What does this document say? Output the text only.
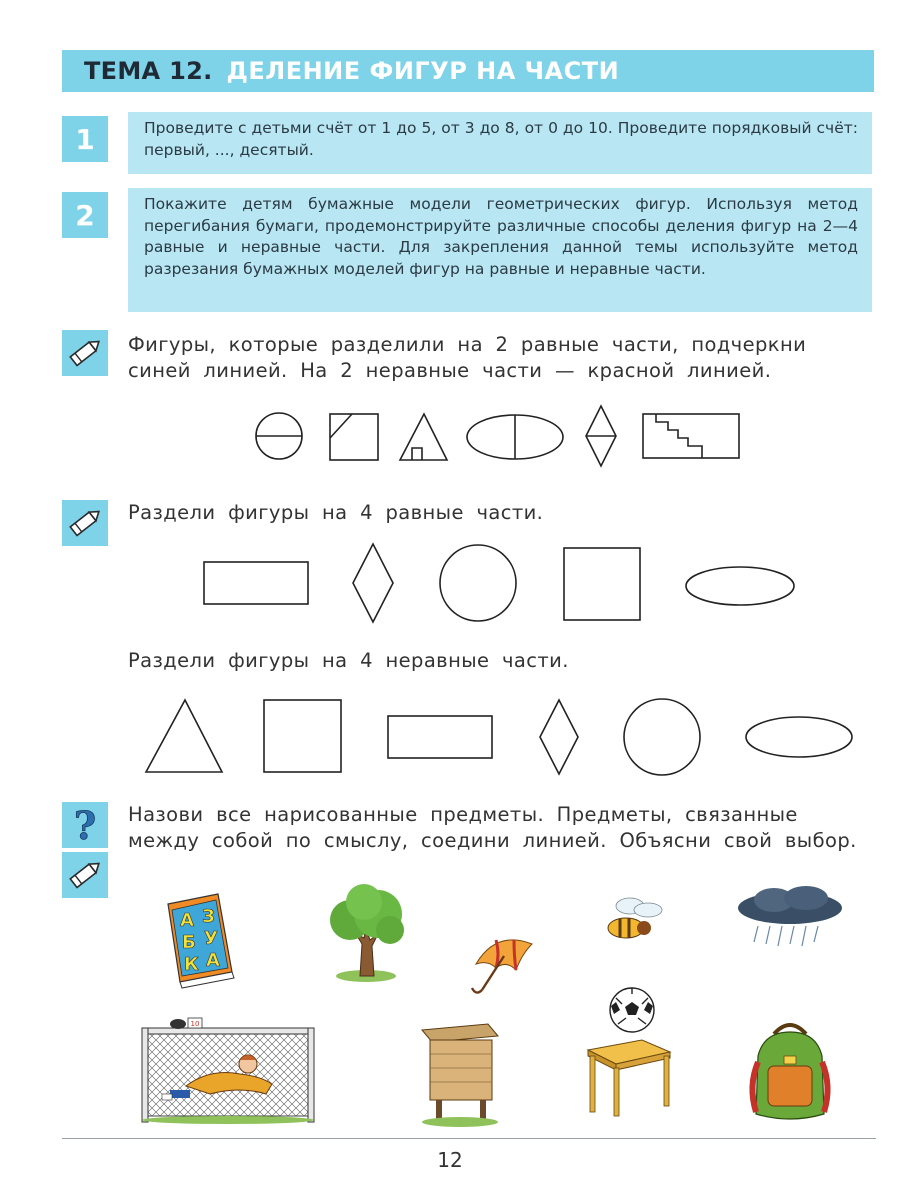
ТЕМА 12. ДЕЛЕНИЕ ФИГУР НА ЧАСТИ
1	Проведите с детьми счёт от 1 до 5, от 3 до 8, от 0 до 10. Проведите порядковый счёт: первый, ..., десятый.
2	Покажите детям бумажные модели геометрических фигур. Используя метод перегибания бумаги, продемонстрируйте различные способы деления фигур на 2—4 равные и неравные части. Для закрепления данной темы используйте метод разрезания бумажных моделей фигур на равные и неравные части.
Фигуры, которые разделили на 2 равные части, подчеркни синей линией. На 2 неравные части — красной линией.
Раздели фигуры на 4 равные части.
Раздели фигуры на 4 неравные части.
? Назови все нарисованные предметы. Предметы, связанные между собой по смыслу, соедини линией. Объясни свой выбор.
А З
Б У
К А
10
12
